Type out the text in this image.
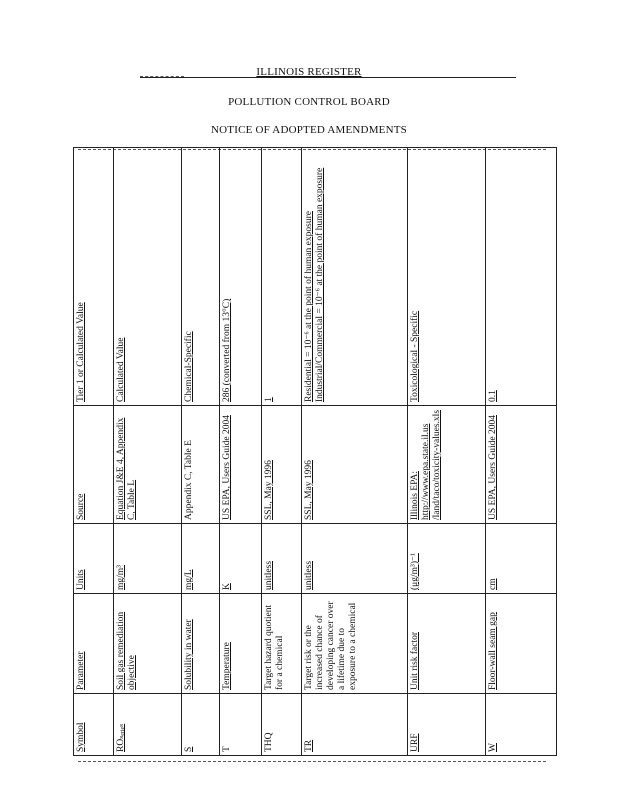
ILLINOIS REGISTER
POLLUTION CONTROL BOARD
NOTICE OF ADOPTED AMENDMENTS
Symbol	Parameter	Units	Source	Tier 1 or Calculated Value
ROₛₑᵣᵢₑₛ	Soil gas remediation objective	mg/m³	Equation J&E 4, Appendix C, Table L	Calculated Value
S	Solubility in water	mg/L	Appendix C, Table E	Chemical-Specific
T	Temperature	K	US EPA, Users Guide 2004	286 (converted from 13°C)
THQ	Target hazard quotient for a chemical	unitless	SSL, May 1996	1
TR	Target risk or the increased chance of developing cancer over a lifetime due to exposure to a chemical	unitless	SSL, May 1996	Residential = 10⁻⁶ at the point of human exposure Industrial/Commercial = 10⁻⁶ at the point of human exposure
URF	Unit risk factor	(μg/m³)⁻¹	Illinois EPA: http://www.epa.state.il.us /land/taco/toxicity-values.xls	Toxicological - Specific
W	Floor-wall seam gap	cm	US EPA, Users Guide 2004	0.1
